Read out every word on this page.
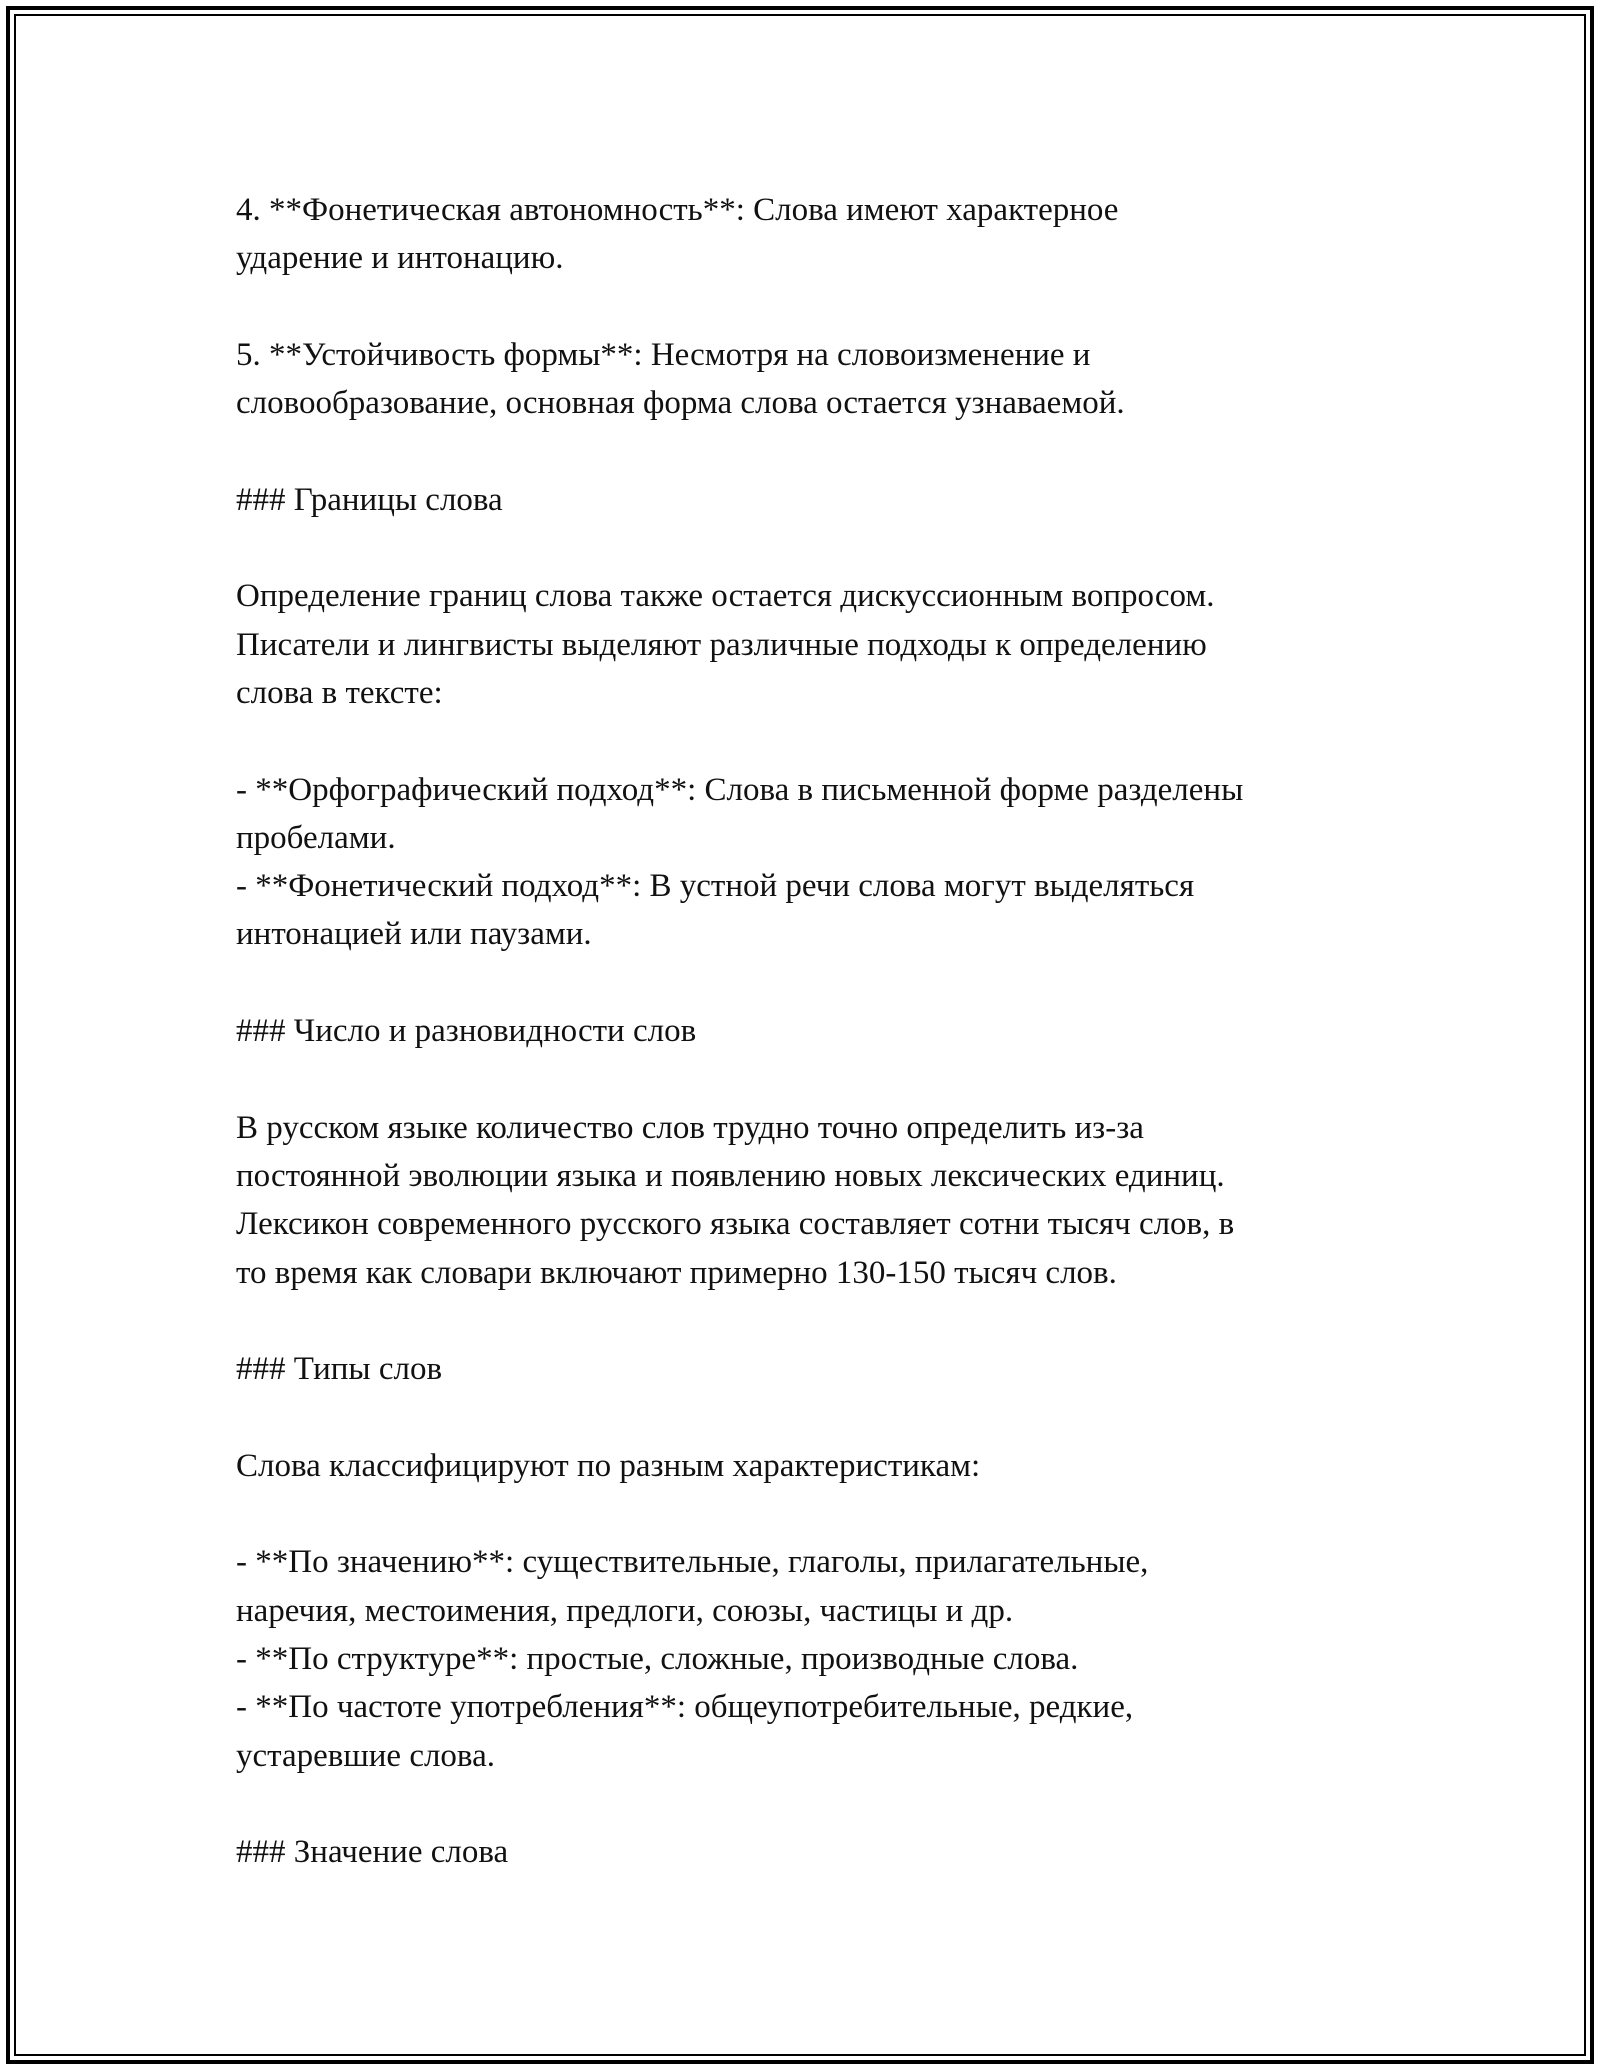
4. **Фонетическая автономность**: Слова имеют характерное
ударение и интонацию.
5. **Устойчивость формы**: Несмотря на словоизменение и
словообразование, основная форма слова остается узнаваемой.
### Границы слова
Определение границ слова также остается дискуссионным вопросом.
Писатели и лингвисты выделяют различные подходы к определению
слова в тексте:
- **Орфографический подход**: Слова в письменной форме разделены
пробелами.
- **Фонетический подход**: В устной речи слова могут выделяться
интонацией или паузами.
### Число и разновидности слов
В русском языке количество слов трудно точно определить из-за
постоянной эволюции языка и появлению новых лексических единиц.
Лексикон современного русского языка составляет сотни тысяч слов, в
то время как словари включают примерно 130-150 тысяч слов.
### Типы слов
Слова классифицируют по разным характеристикам:
- **По значению**: существительные, глаголы, прилагательные,
наречия, местоимения, предлоги, союзы, частицы и др.
- **По структуре**: простые, сложные, производные слова.
- **По частоте употребления**: общеупотребительные, редкие,
устаревшие слова.
### Значение слова
